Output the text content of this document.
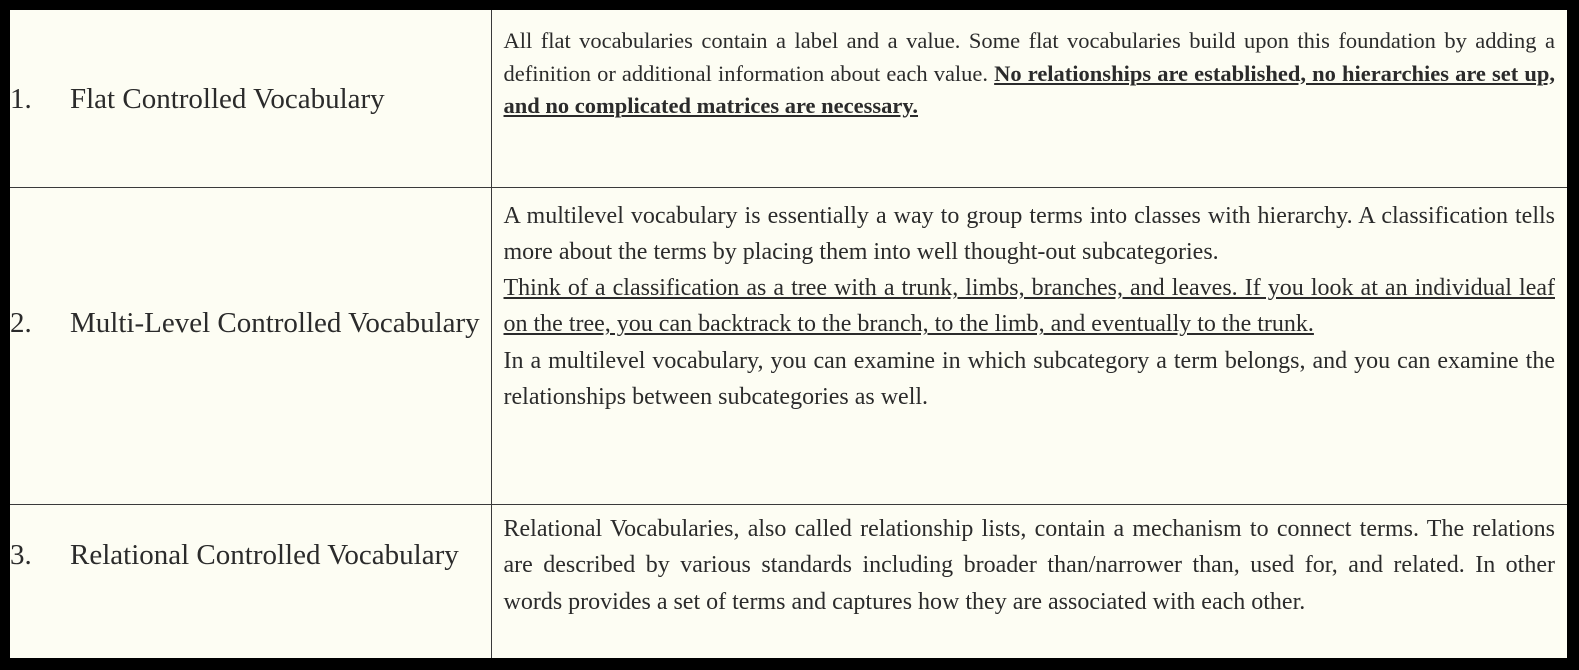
1. Flat Controlled Vocabulary	All flat vocabularies contain a label and a value. Some flat vocabularies build upon this foundation by adding a definition or additional information about each value. No relationships are established, no hierarchies are set up, and no complicated matrices are necessary.

2. Multi-Level Controlled Vocabulary	A multilevel vocabulary is essentially a way to group terms into classes with hierarchy. A classification tells more about the terms by placing them into well thought-out subcategories.
Think of a classification as a tree with a trunk, limbs, branches, and leaves. If you look at an individual leaf on the tree, you can backtrack to the branch, to the limb, and eventually to the trunk.
In a multilevel vocabulary, you can examine in which subcategory a term belongs, and you can examine the relationships between subcategories as well.

3. Relational Controlled Vocabulary	Relational Vocabularies, also called relationship lists, contain a mechanism to connect terms. The relations are described by various standards including broader than/narrower than, used for, and related. In other words provides a set of terms and captures how they are associated with each other.
